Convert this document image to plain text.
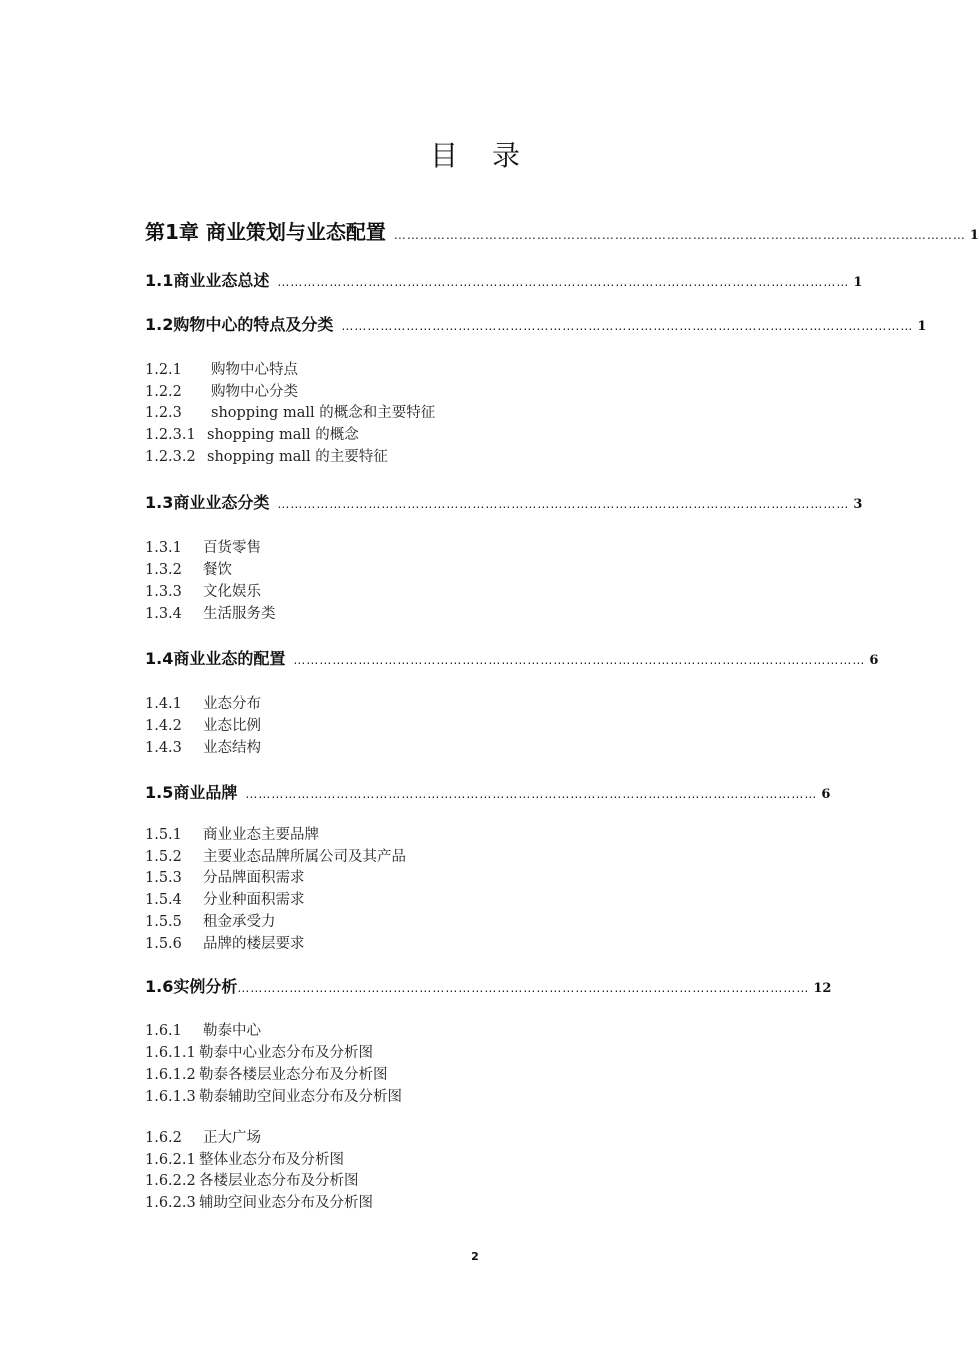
目 录
第1章 商业策划与业态配置 …………………………………………………………………………………………………………………… 1
1.1 商业业态总述 …………………………………………………………………………………………………………………… 1
1.2 购物中心的特点及分类 …………………………………………………………………………………………………………………… 1
1.2.1 购物中心特点
1.2.2 购物中心分类
1.2.3 shopping mall 的概念和主要特征
1.2.3.1 shopping mall 的概念
1.2.3.2 shopping mall 的主要特征
1.3 商业业态分类 …………………………………………………………………………………………………………………… 3
1.3.1 百货零售
1.3.2 餐饮
1.3.3 文化娱乐
1.3.4 生活服务类
1.4 商业业态的配置 …………………………………………………………………………………………………………………… 6
1.4.1 业态分布
1.4.2 业态比例
1.4.3 业态结构
1.5 商业品牌 …………………………………………………………………………………………………………………… 6
1.5.1 商业业态主要品牌
1.5.2 主要业态品牌所属公司及其产品
1.5.3 分品牌面积需求
1.5.4 分业种面积需求
1.5.5 租金承受力
1.5.6 品牌的楼层要求
1.6 实例分析 …………………………………………………………………………………………………………………… 12
1.6.1 勒泰中心
1.6.1.1 勒泰中心业态分布及分析图
1.6.1.2 勒泰各楼层业态分布及分析图
1.6.1.3 勒泰辅助空间业态分布及分析图
1.6.2 正大广场
1.6.2.1 整体业态分布及分析图
1.6.2.2 各楼层业态分布及分析图
1.6.2.3 辅助空间业态分布及分析图
2
